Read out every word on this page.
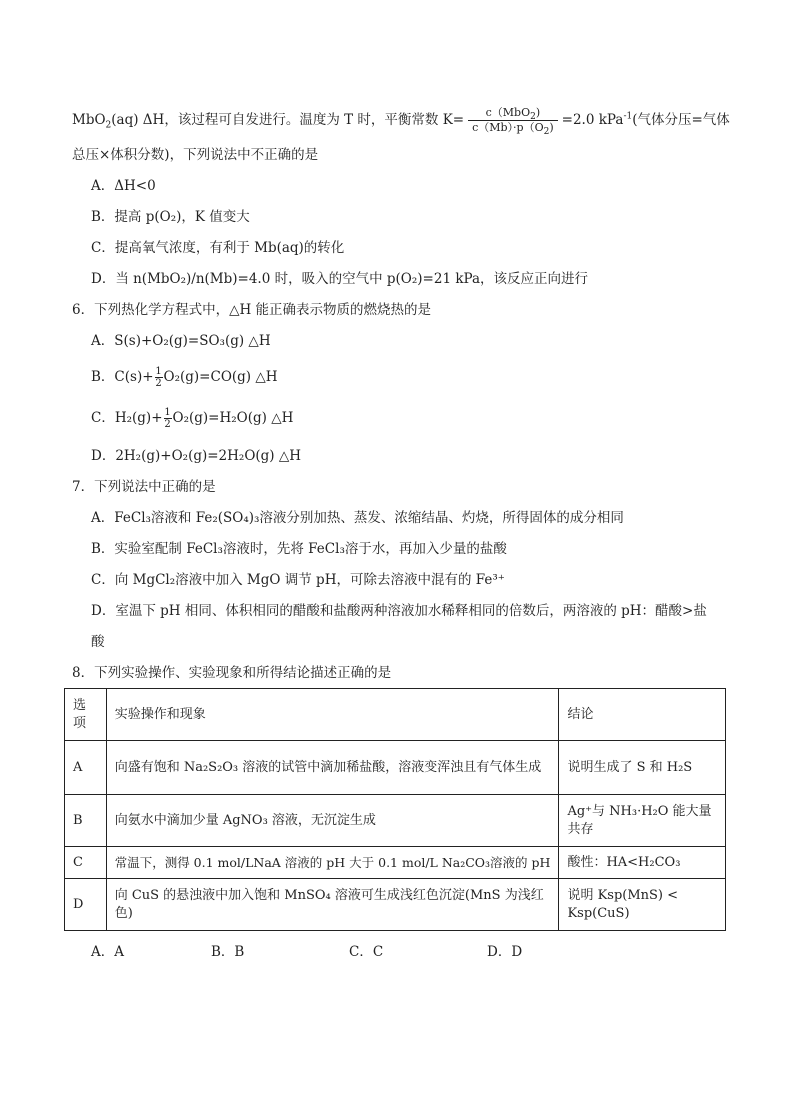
MbO$_2$(aq) ΔH，该过程可自发进行。温度为 T 时，平衡常数 $K= \frac{c(MbO_2)}{c(Mb)\cdot p(O_2)} =2.0$ kPa$^{-1}$(气体分压=气体
总压×体积分数)，下列说法中不正确的是
A．ΔH<0
B．提高 p(O₂)，K 值变大
C．提高氧气浓度，有利于 Mb(aq)的转化
D．当 n(MbO₂)/n(Mb)=4.0 时，吸入的空气中 p(O₂)=21 kPa，该反应正向进行
6．下列热化学方程式中，△H 能正确表示物质的燃烧热的是
A．S(s)+O₂(g)=SO₃(g) △H
B．$C(s)+ \frac{1}{2} O_2(g)=CO(g)$ △H
C．$H_2(g)+ \frac{1}{2} O_2(g)=H_2O(g)$ △H
D．2H₂(g)+O₂(g)=2H₂O(g) △H
7．下列说法中正确的是
A．FeCl₃溶液和 Fe₂(SO₄)₃溶液分别加热、蒸发、浓缩结晶、灼烧，所得固体的成分相同
B．实验室配制 FeCl₃溶液时，先将 FeCl₃溶于水，再加入少量的盐酸
C．向 MgCl₂溶液中加入 MgO 调节 pH，可除去溶液中混有的 Fe³⁺
D．室温下 pH 相同、体积相同的醋酸和盐酸两种溶液加水稀释相同的倍数后，两溶液的 pH：醋酸>盐
酸
8．下列实验操作、实验现象和所得结论描述正确的是
选项	实验操作和现象	结论
A	向盛有饱和 Na₂S₂O₃ 溶液的试管中滴加稀盐酸，溶液变浑浊且有气体生成	说明生成了 S 和 H₂S
B	向氨水中滴加少量 AgNO₃ 溶液，无沉淀生成	Ag⁺与 NH₃·H₂O 能大量共存
C	常温下，测得 0.1 mol/LNaA 溶液的 pH 大于 0.1 mol/L Na₂CO₃溶液的 pH	酸性：HA<H₂CO₃
D	向 CuS 的悬浊液中加入饱和 MnSO₄ 溶液可生成浅红色沉淀(MnS 为浅红色)	说明 Ksp(MnS) < Ksp(CuS)
A．A	B．B	C．C	D．D
